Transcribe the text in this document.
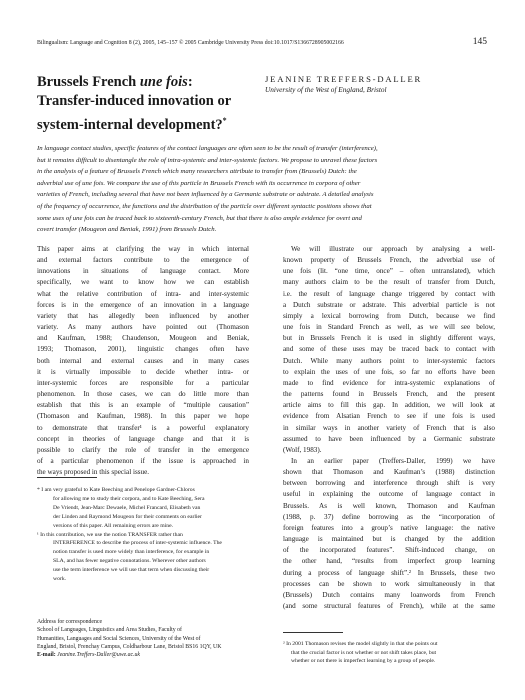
Bilingualism: Language and Cognition 8 (2), 2005, 145–157 © 2005 Cambridge University Press doi:10.1017/S1366728905002166	145
Brussels French une fois:
Transfer-induced innovation or
system-internal development?*
JEANINE TREFFERS-DALLER
University of the West of England, Bristol
In language contact studies, specific features of the contact languages are often seen to be the result of transfer (interference),
but it remains difficult to disentangle the role of intra-systemic and inter-systemic factors. We propose to unravel these factors
in the analysis of a feature of Brussels French which many researchers attribute to transfer from (Brussels) Dutch: the
adverbial use of une fois. We compare the use of this particle in Brussels French with its occurrence in corpora of other
varieties of French, including several that have not been influenced by a Germanic substrate or adstrate. A detailed analysis
of the frequency of occurrence, the functions and the distribution of the particle over different syntactic positions shows that
some uses of une fois can be traced back to sixteenth-century French, but that there is also ample evidence for overt and
covert transfer (Mougeon and Beniak, 1991) from Brussels Dutch.
This paper aims at clarifying the way in which internal
and external factors contribute to the emergence of
innovations in situations of language contact. More
specifically, we want to know how we can establish
what the relative contribution of intra- and inter-systemic
forces is in the emergence of an innovation in a language
variety that has allegedly been influenced by another
variety. As many authors have pointed out (Thomason
and Kaufman, 1988; Chaudenson, Mougeon and Beniak,
1993; Thomason, 2001), linguistic changes often have
both internal and external causes and in many cases
it is virtually impossible to decide whether intra- or
inter-systemic forces are responsible for a particular
phenomenon. In those cases, we can do little more than
establish that this is an example of “multiple causation”
(Thomason and Kaufman, 1988). In this paper we hope
to demonstrate that transfer¹ is a powerful explanatory
concept in theories of language change and that it is
possible to clarify the role of transfer in the emergence
of a particular phenomenon if the issue is approached in
the ways proposed in this special issue.
* I am very grateful to Kate Beeching and Penelope Gardner-Chloros
for allowing me to study their corpora, and to Kate Beeching, Sera
De Vriendt, Jean-Marc Dewaele, Michel Francard, Elisabeth van
der Linden and Raymond Mougeon for their comments on earlier
versions of this paper. All remaining errors are mine.
¹ In this contribution, we use the notion TRANSFER rather than
INTERFERENCE to describe the process of inter-systemic influence. The
notion transfer is used more widely than interference, for example in
SLA, and has fewer negative connotations. Wherever other authors
use the term interference we will use that term when discussing their
work.
Address for correspondence
School of Languages, Linguistics and Area Studies, Faculty of
Humanities, Languages and Social Sciences, University of the West of
England, Bristol, Frenchay Campus, Coldharbour Lane, Bristol BS16 1QY, UK
E-mail: Jeanine.Treffers-Daller@uwe.ac.uk
We will illustrate our approach by analysing a well-
known property of Brussels French, the adverbial use of
une fois (lit. “one time, once” – often untranslated), which
many authors claim to be the result of transfer from Dutch,
i.e. the result of language change triggered by contact with
a Dutch substrate or adstrate. This adverbial particle is not
simply a lexical borrowing from Dutch, because we find
une fois in Standard French as well, as we will see below,
but in Brussels French it is used in slightly different ways,
and some of these uses may be traced back to contact with
Dutch. While many authors point to inter-systemic factors
to explain the uses of une fois, so far no efforts have been
made to find evidence for intra-systemic explanations of
the patterns found in Brussels French, and the present
article aims to fill this gap. In addition, we will look at
evidence from Alsatian French to see if une fois is used
in similar ways in another variety of French that is also
assumed to have been influenced by a Germanic substrate
(Wolf, 1983).
In an earlier paper (Treffers-Daller, 1999) we have
shown that Thomason and Kaufman’s (1988) distinction
between borrowing and interference through shift is very
useful in explaining the outcome of language contact in
Brussels. As is well known, Thomason and Kaufman
(1988, p. 37) define borrowing as the “incorporation of
foreign features into a group’s native language: the native
language is maintained but is changed by the addition
of the incorporated features”. Shift-induced change, on
the other hand, “results from imperfect group learning
during a process of language shift”.² In Brussels, these two
processes can be shown to work simultaneously in that
(Brussels) Dutch contains many loanwords from French
(and some structural features of French), while at the same
² In 2001 Thomason revises the model slightly in that she points out
that the crucial factor is not whether or not shift takes place, but
whether or not there is imperfect learning by a group of people.
